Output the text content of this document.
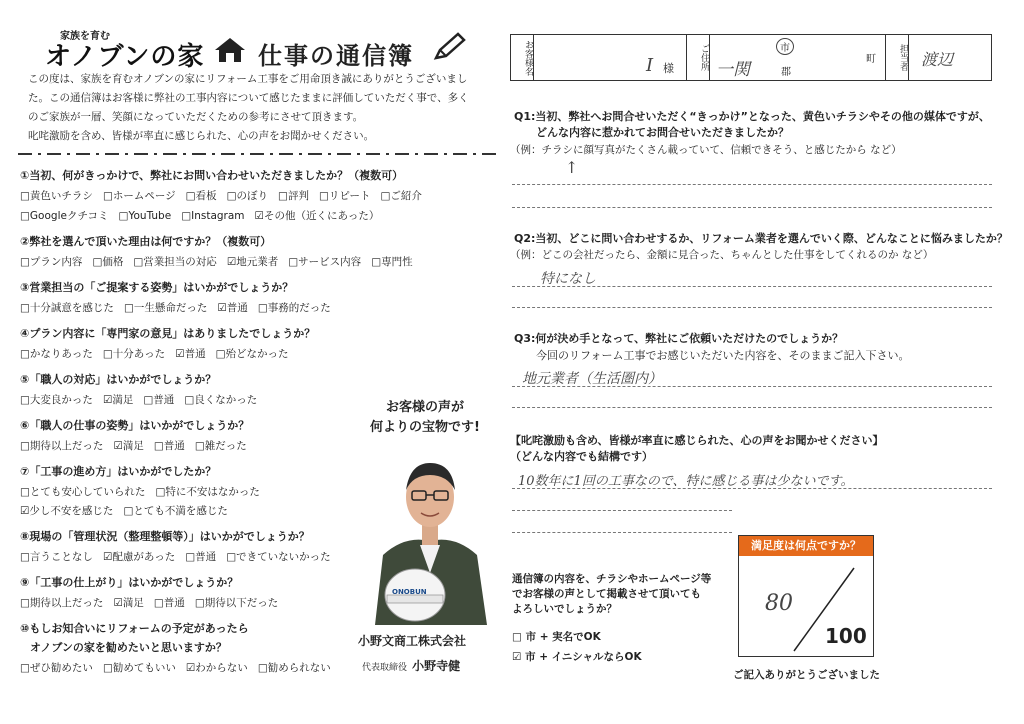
家族を育む
オノブンの家 仕事の通信簿
この度は、家族を育むオノブンの家にリフォーム工事をご用命頂き誠にありがとうございまし
た。この通信簿はお客様に弊社の工事内容について感じたままに評価していただく事で、多く
のご家族が一層、笑顔になっていただくための参考にさせて頂きます。
叱咤激励を含め、皆様が率直に感じられた、心の声をお聞かせください。
①当初、何がきっかけで、弊社にお問い合わせいただきましたか？（複数可）
□黄色いチラシ □ホームページ □看板 □のぼり □評判 □リピート □ご紹介
□Googleクチコミ □YouTube □Instagram ☑その他（近くにあった）
②弊社を選んで頂いた理由は何ですか？（複数可）
□プラン内容 □価格 □営業担当の対応 ☑地元業者 □サービス内容 □専門性
③営業担当の「ご提案する姿勢」はいかがでしょうか？
□十分誠意を感じた □一生懸命だった ☑普通 □事務的だった
④プラン内容に「専門家の意見」はありましたでしょうか？
□かなりあった □十分あった ☑普通 □殆どなかった
⑤「職人の対応」はいかがでしょうか？
□大変良かった ☑満足 □普通 □良くなかった
⑥「職人の仕事の姿勢」はいかがでしょうか？
□期待以上だった ☑満足 □普通 □雑だった
⑦「工事の進め方」はいかがでしたか？
□とても安心していられた □特に不安はなかった
☑少し不安を感じた □とても不満を感じた
⑧現場の「管理状況（整理整頓等）」はいかがでしょうか？
□言うことなし ☑配慮があった □普通 □できていないかった
⑨「工事の仕上がり」はいかがでしょうか？
□期待以上だった ☑満足 □普通 □期待以下だった
⑩もしお知合いにリフォームの予定があったら
オノブンの家を勧めたいと思いますか？
□ぜひ勧めたい □勧めてもいい ☑わからない □勧められない
お客様の声が
何よりの宝物です!
ONOBUN
小野文商工株式会社
代表取締役 小野寺健
お客様名	I 様	ご住所 一関
市
郡
町	担当者 渡辺
Q1:当初、弊社へお問合せいただく“きっかけ”となった、黄色いチラシやその他の媒体ですが、
どんな内容に惹かれてお問合せいただきましたか？
（例：チラシに顔写真がたくさん載っていて、信頼できそう、と感じたから など）
↑
Q2:当初、どこに問い合わせするか、リフォーム業者を選んでいく際、どんなことに悩みましたか？
（例：どこの会社だったら、金額に見合った、ちゃんとした仕事をしてくれるのか など）
特になし
Q3:何が決め手となって、弊社にご依頼いただけたのでしょうか？
今回のリフォーム工事でお感じいただいた内容を、そのままご記入下さい。
地元業者（生活圏内）
【叱咤激励も含め、皆様が率直に感じられた、心の声をお聞かせください】
（どんな内容でも結構です）
10数年に1回の工事なので、特に感じる事は少ないです。
通信簿の内容を、チラシやホームページ等
でお客様の声として掲載させて頂いても
よろしいでしょうか？
□ 市 + 実名でOK
☑ 市 + イニシャルならOK
満足度は何点ですか？
80
100
ご記入ありがとうございました
